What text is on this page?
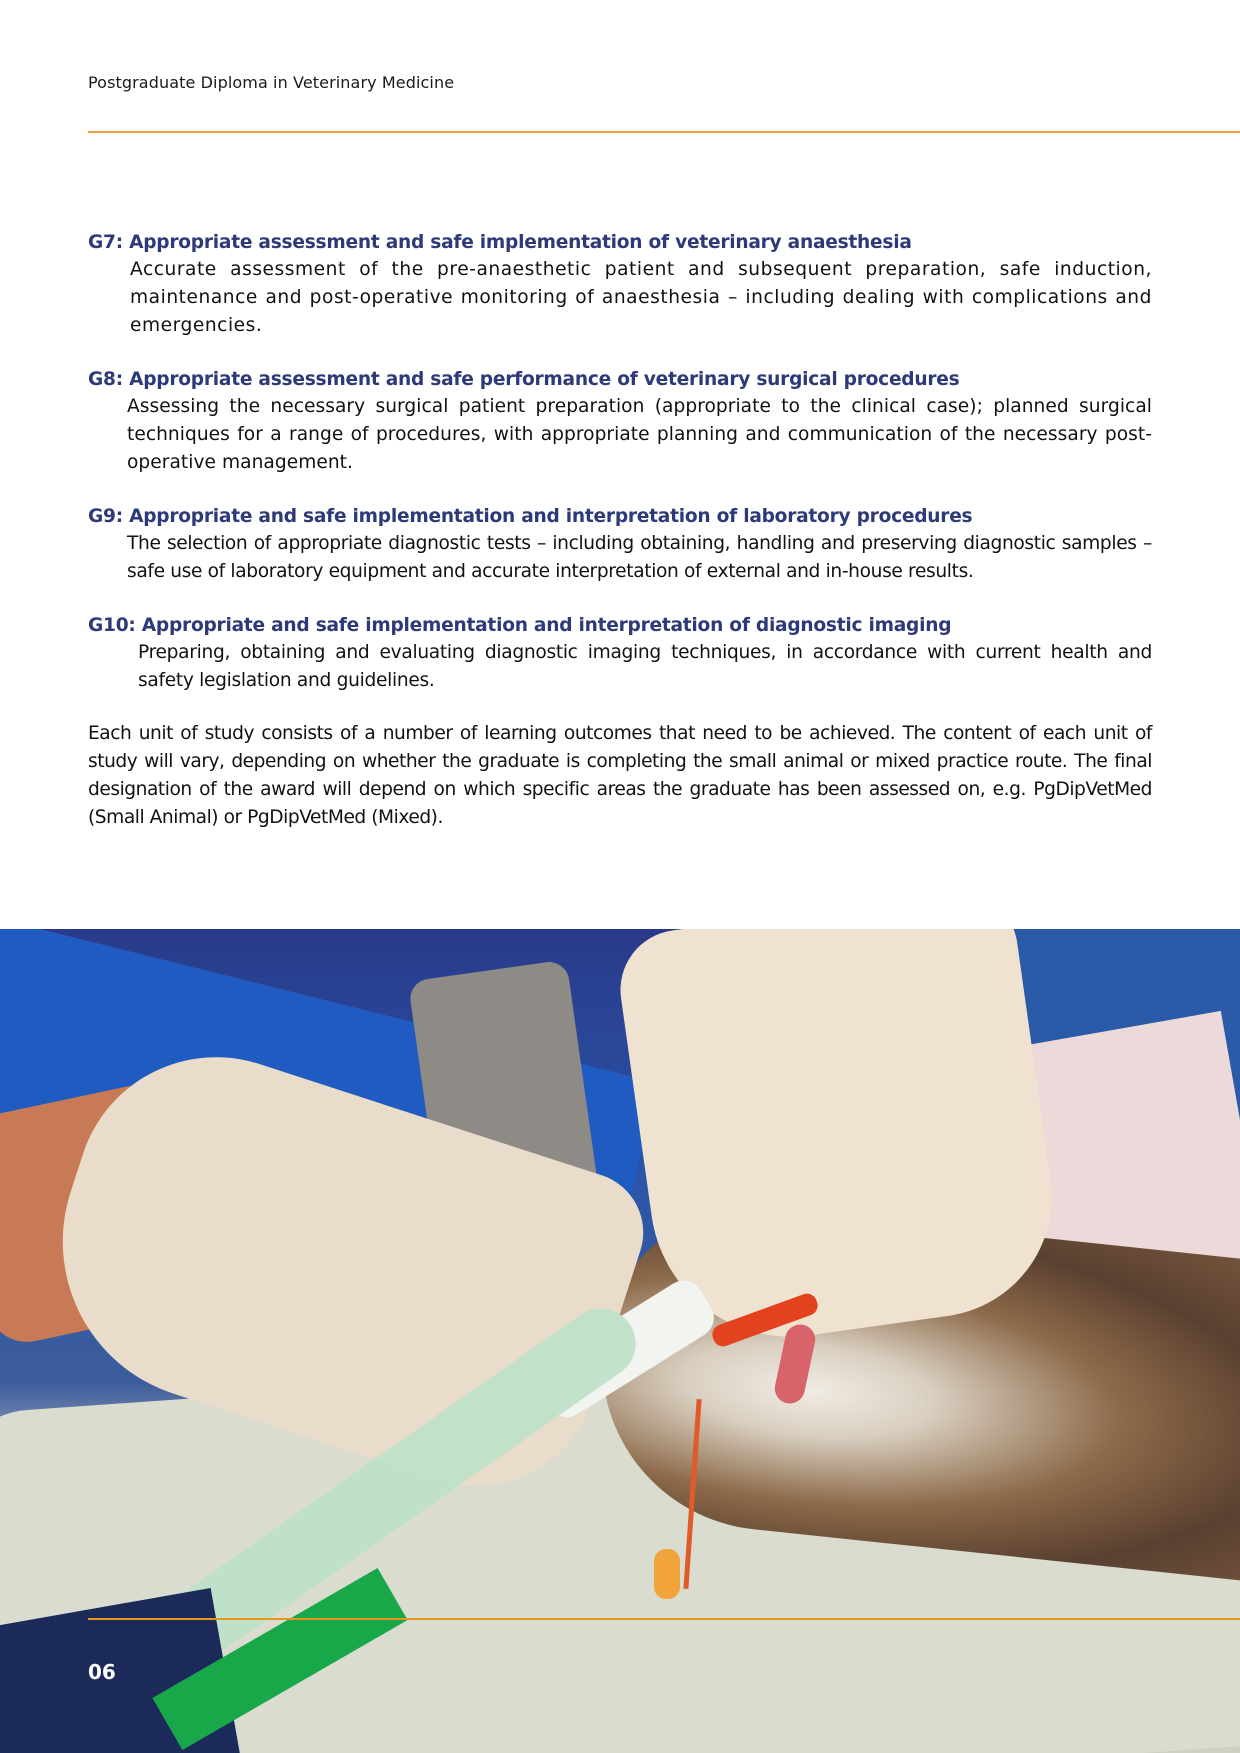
Postgraduate Diploma in Veterinary Medicine
G7: Appropriate assessment and safe implementation of veterinary anaesthesia
Accurate assessment of the pre-anaesthetic patient and subsequent preparation, safe induction, maintenance and post-operative monitoring of anaesthesia – including dealing with complications and emergencies.
G8: Appropriate assessment and safe performance of veterinary surgical procedures
Assessing the necessary surgical patient preparation (appropriate to the clinical case); planned surgical techniques for a range of procedures, with appropriate planning and communication of the necessary post-operative management.
G9: Appropriate and safe implementation and interpretation of laboratory procedures
The selection of appropriate diagnostic tests – including obtaining, handling and preserving diagnostic samples – safe use of laboratory equipment and accurate interpretation of external and in-house results.
G10: Appropriate and safe implementation and interpretation of diagnostic imaging
Preparing, obtaining and evaluating diagnostic imaging techniques, in accordance with current health and safety legislation and guidelines.

Each unit of study consists of a number of learning outcomes that need to be achieved. The content of each unit of study will vary, depending on whether the graduate is completing the small animal or mixed practice route. The final designation of the award will depend on which specific areas the graduate has been assessed on, e.g. PgDipVetMed (Small Animal) or PgDipVetMed (Mixed).

06
